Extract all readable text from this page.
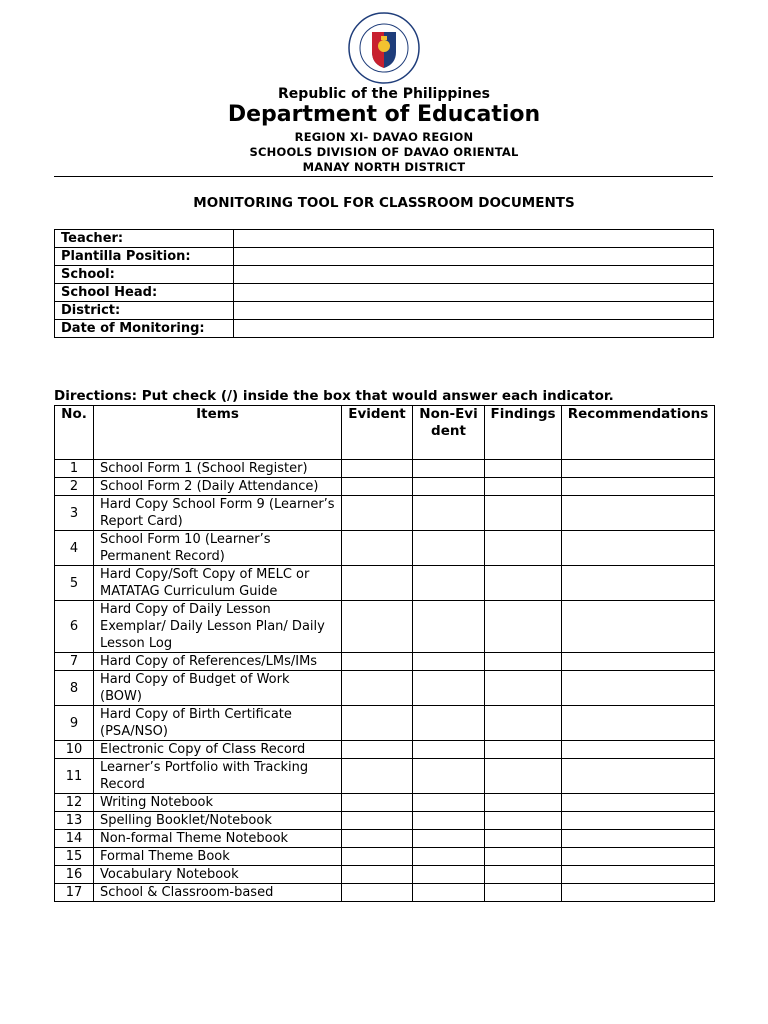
Republic of the Philippines
Department of Education
REGION XI- DAVAO REGION
SCHOOLS DIVISION OF DAVAO ORIENTAL
MANAY NORTH DISTRICT
MONITORING TOOL FOR CLASSROOM DOCUMENTS
Teacher:	
Plantilla Position:	
School:	
School Head:	
District:	
Date of Monitoring:	
Directions: Put check (/) inside the box that would answer each indicator.
No.	Items	Evident	Non-Evident	Findings	Recommendations
1	School Form 1 (School Register)				
2	School Form 2 (Daily Attendance)				
3	Hard Copy School Form 9 (Learner’s Report Card)				
4	School Form 10 (Learner’s Permanent Record)				
5	Hard Copy/Soft Copy of MELC or MATATAG Curriculum Guide				
6	Hard Copy of Daily Lesson Exemplar/ Daily Lesson Plan/ Daily Lesson Log				
7	Hard Copy of References/LMs/IMs				
8	Hard Copy of Budget of Work (BOW)				
9	Hard Copy of Birth Certificate (PSA/NSO)				
10	Electronic Copy of Class Record				
11	Learner’s Portfolio with Tracking Record				
12	Writing Notebook				
13	Spelling Booklet/Notebook				
14	Non-formal Theme Notebook				
15	Formal Theme Book				
16	Vocabulary Notebook				
17	School & Classroom-based				
